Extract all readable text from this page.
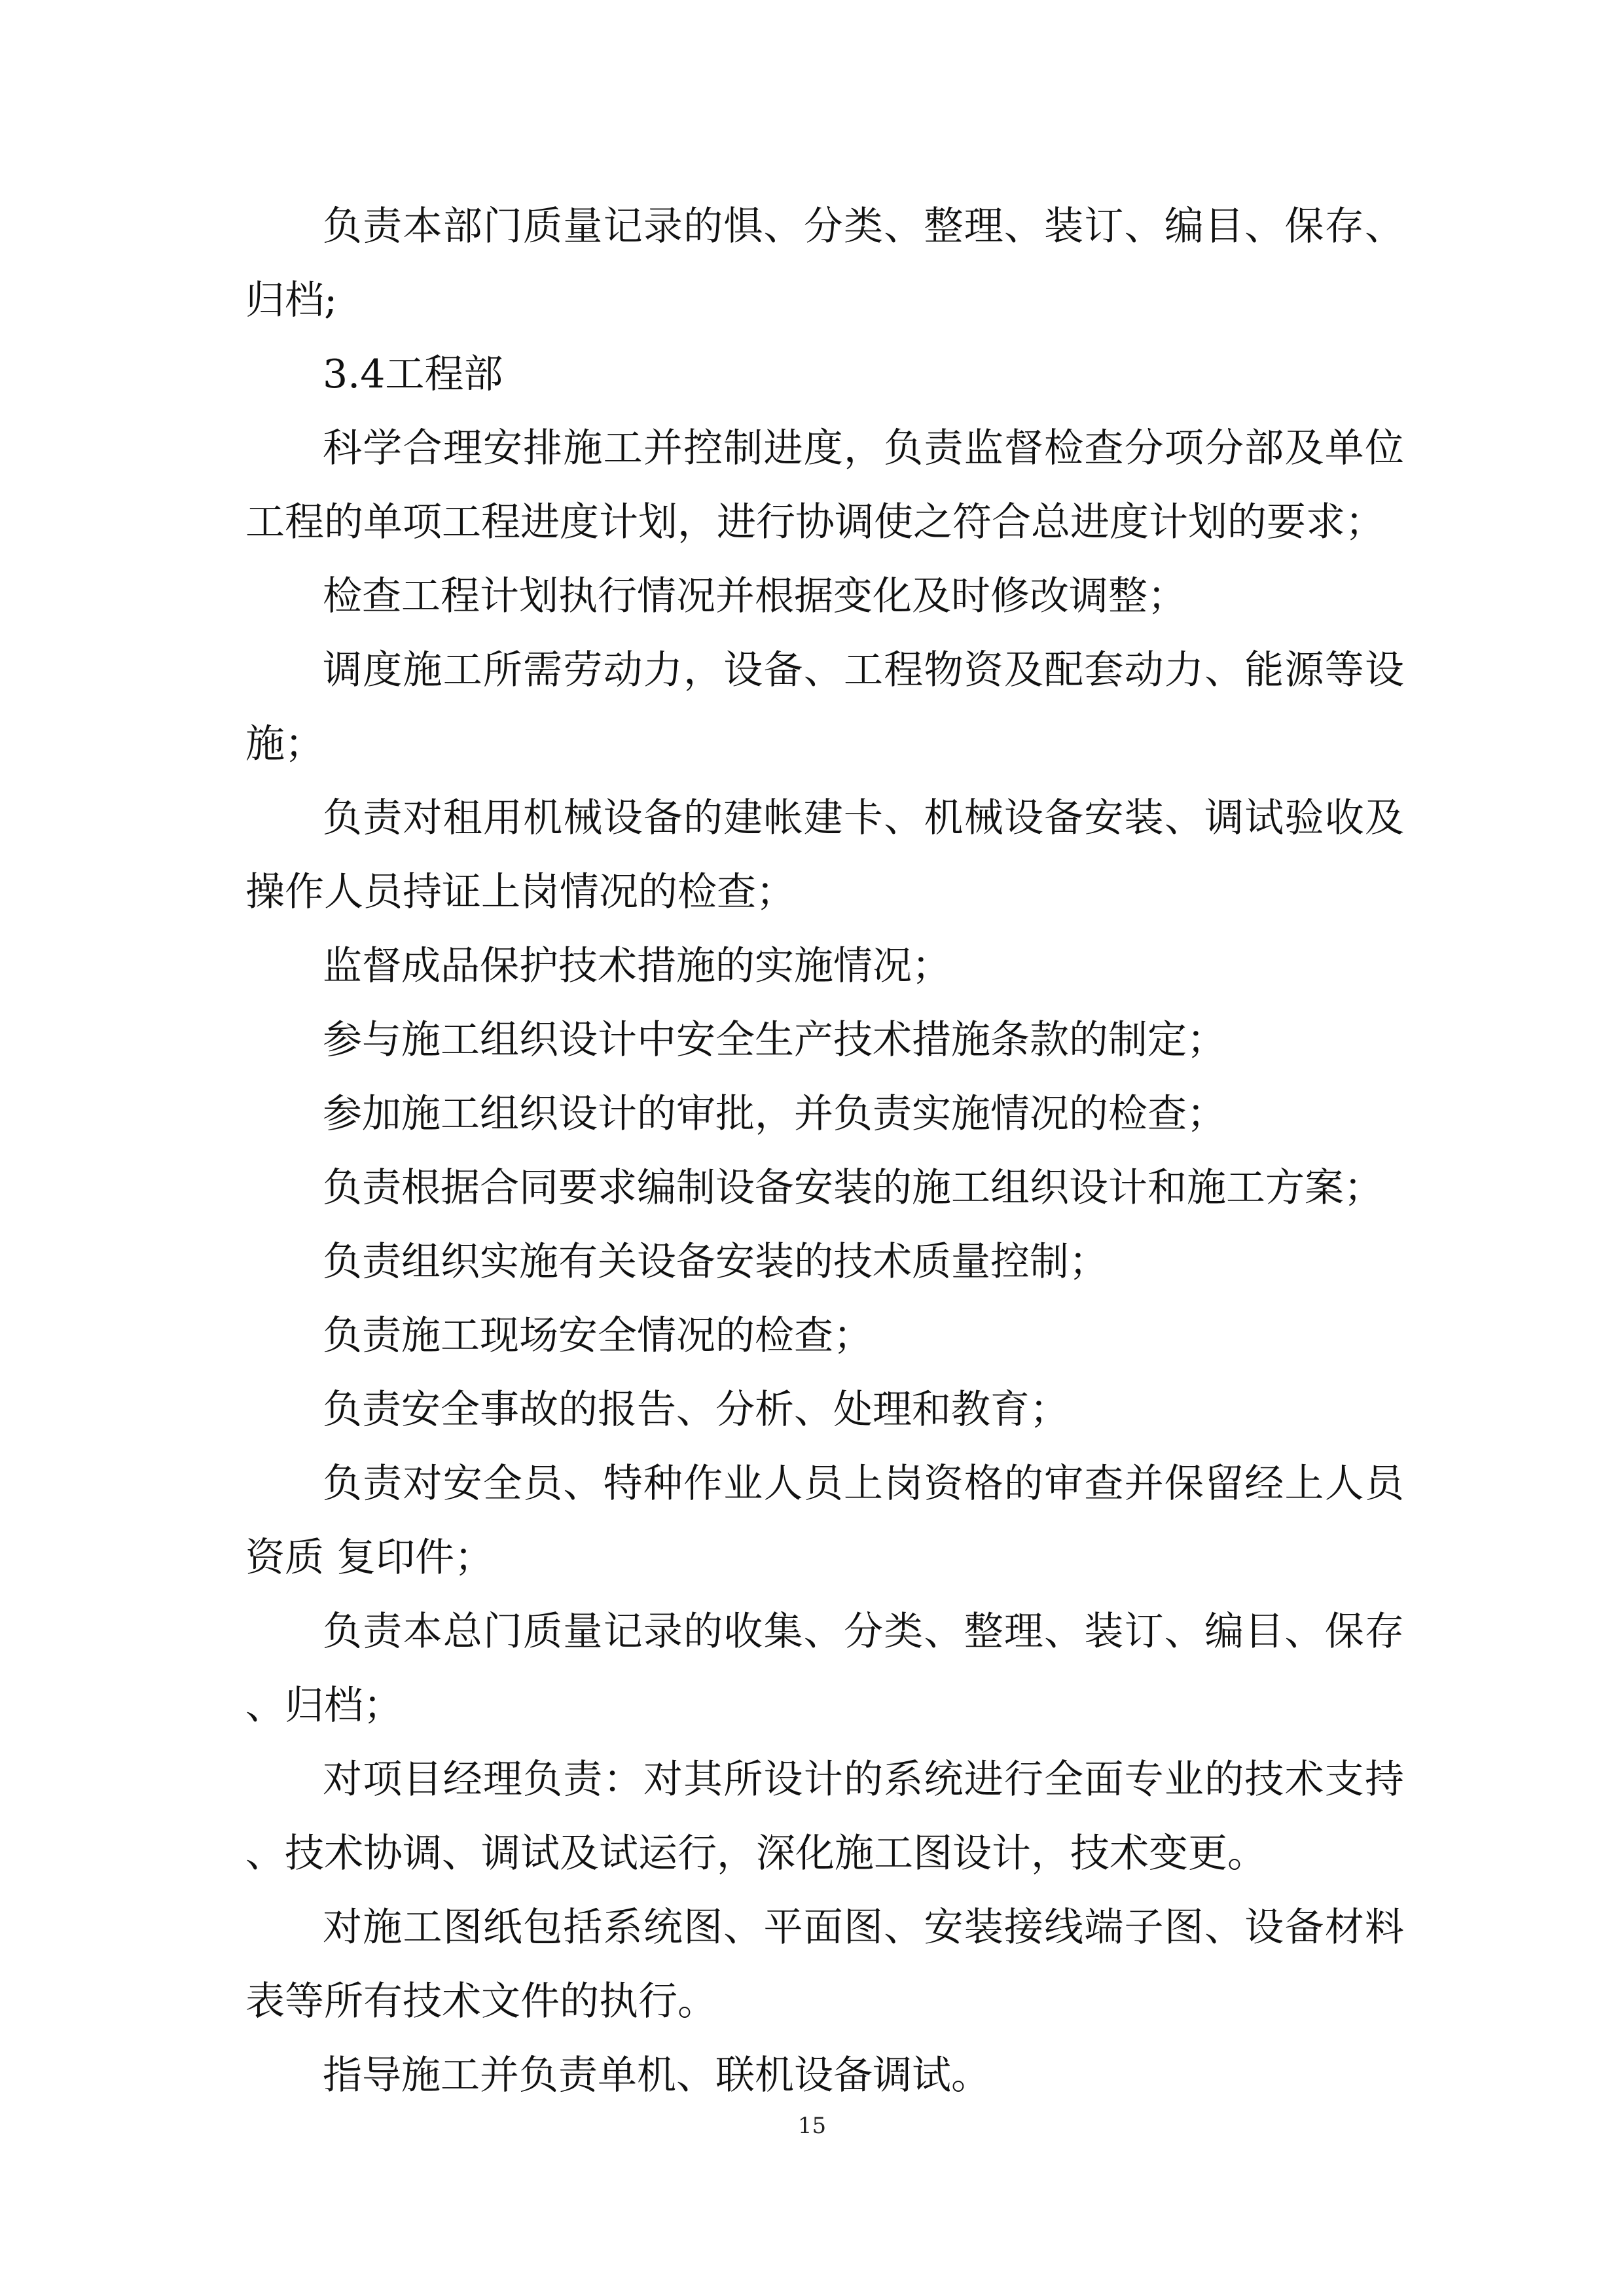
负责本部门质量记录的惧、分类、整理、装订、编目、保存、归档;

3.4工程部

科学合理安排施工并控制进度，负责监督检查分项分部及单位工程的单项工程进度计划，进行协调使之符合总进度计划的要求；

检查工程计划执行情况并根据变化及时修改调整；

调度施工所需劳动力，设备、工程物资及配套动力、能源等设施；

负责对租用机械设备的建帐建卡、机械设备安装、调试验收及操作人员持证上岗情况的检查；

监督成品保护技术措施的实施情况；

参与施工组织设计中安全生产技术措施条款的制定；

参加施工组织设计的审批，并负责实施情况的检查；

负责根据合同要求编制设备安装的施工组织设计和施工方案；

负责组织实施有关设备安装的技术质量控制；

负责施工现场安全情况的检查；

负责安全事故的报告、分析、处理和教育；

负责对安全员、特种作业人员上岗资格的审查并保留经上人员资质 复印件；

负责本总门质量记录的收集、分类、整理、装订、编目、保存、归档；

对项目经理负责：对其所设计的系统进行全面专业的技术支持、技术协调、调试及试运行，深化施工图设计，技术变更。

对施工图纸包括系统图、平面图、安装接线端子图、设备材料表等所有技术文件的执行。

指导施工并负责单机、联机设备调试。

15
